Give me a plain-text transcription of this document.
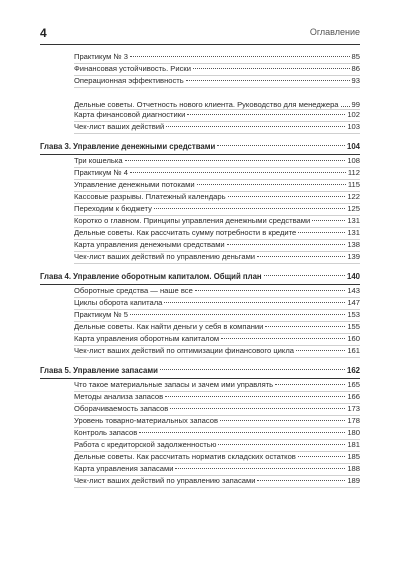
4	Оглавление
Практикум № 3	85
Финансовая устойчивость. Риски	86
Операционная эффективность	93
Дельные советы. Отчетность нового клиента. Руководство для менеджера 99
Карта финансовой диагностики	102
Чек-лист ваших действий	103
Глава 3. Управление денежными средствами	104
Три кошелька	108
Практикум № 4	112
Управление денежными потоками	115
Кассовые разрывы. Платежный календарь	122
Переходим к бюджету	125
Коротко о главном. Принципы управления денежными средствами	131
Дельные советы. Как рассчитать сумму потребности в кредите	131
Карта управления денежными средствами	138
Чек-лист ваших действий по управлению деньгами	139
Глава 4. Управление оборотным капиталом. Общий план	140
Оборотные средства — наше все	143
Циклы оборота капитала	147
Практикум № 5	153
Дельные советы. Как найти деньги у себя в компании	155
Карта управления оборотным капиталом	160
Чек-лист ваших действий по оптимизации финансового цикла	161
Глава 5. Управление запасами	162
Что такое материальные запасы и зачем ими управлять	165
Методы анализа запасов	166
Оборачиваемость запасов	173
Уровень товарно-материальных запасов	178
Контроль запасов	180
Работа с кредиторской задолженностью	181
Дельные советы. Как рассчитать норматив складских остатков	185
Карта управления запасами	188
Чек-лист ваших действий по управлению запасами	189
